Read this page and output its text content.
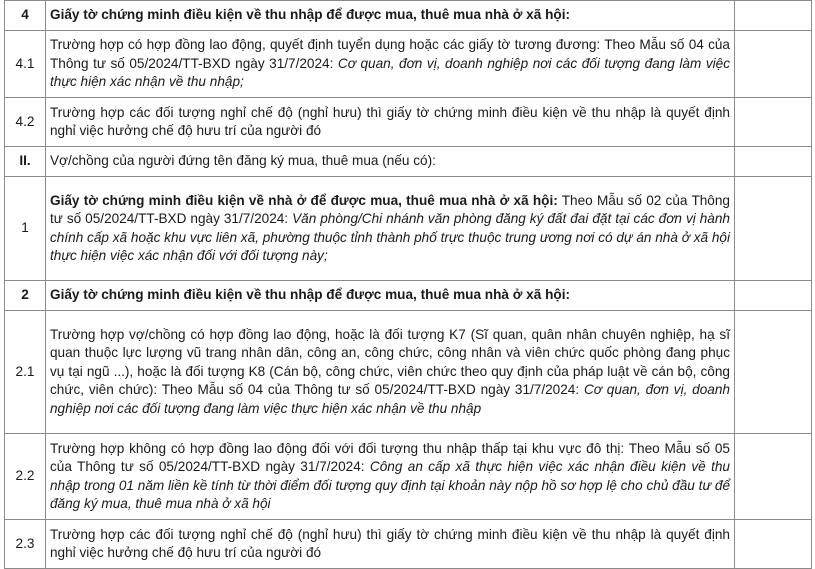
4	Giấy tờ chứng minh điều kiện về thu nhập để được mua, thuê mua nhà ở xã hội:	
4.1	Trường hợp có hợp đồng lao động, quyết định tuyển dụng hoặc các giấy tờ tương đương: Theo Mẫu số 04 của Thông tư số 05/2024/TT-BXD ngày 31/7/2024: Cơ quan, đơn vị, doanh nghiệp nơi các đối tượng đang làm việc thực hiện xác nhận về thu nhập;	
4.2	Trường hợp các đối tượng nghỉ chế độ (nghỉ hưu) thì giấy tờ chứng minh điều kiện về thu nhập là quyết định nghỉ việc hưởng chế độ hưu trí của người đó	
II.	Vợ/chồng của người đứng tên đăng ký mua, thuê mua (nếu có):	
1	Giấy tờ chứng minh điều kiện về nhà ở để được mua, thuê mua nhà ở xã hội: Theo Mẫu số 02 của Thông tư số 05/2024/TT-BXD ngày 31/7/2024: Văn phòng/Chi nhánh văn phòng đăng ký đất đai đặt tại các đơn vị hành chính cấp xã hoặc khu vực liên xã, phường thuộc tỉnh thành phố trực thuộc trung ương nơi có dự án nhà ở xã hội thực hiện việc xác nhận đối với đối tượng này;	
2	Giấy tờ chứng minh điều kiện về thu nhập để được mua, thuê mua nhà ở xã hội:	
2.1	Trường hợp vợ/chồng có hợp đồng lao động, hoặc là đối tượng K7 (Sĩ quan, quân nhân chuyên nghiệp, hạ sĩ quan thuộc lực lượng vũ trang nhân dân, công an, công chức, công nhân và viên chức quốc phòng đang phục vụ tại ngũ ...), hoặc là đối tượng K8 (Cán bộ, công chức, viên chức theo quy định của pháp luật về cán bộ, công chức, viên chức): Theo Mẫu số 04 của Thông tư số 05/2024/TT-BXD ngày 31/7/2024: Cơ quan, đơn vị, doanh nghiệp nơi các đối tượng đang làm việc thực hiện xác nhận về thu nhập	
2.2	Trường hợp không có hợp đồng lao động đối với đối tượng thu nhập thấp tại khu vực đô thị: Theo Mẫu số 05 của Thông tư số 05/2024/TT-BXD ngày 31/7/2024: Công an cấp xã thực hiện việc xác nhận điều kiện về thu nhập trong 01 năm liền kề tính từ thời điểm đối tượng quy định tại khoản này nộp hồ sơ hợp lệ cho chủ đầu tư để đăng ký mua, thuê mua nhà ở xã hội	
2.3	Trường hợp các đối tượng nghỉ chế độ (nghỉ hưu) thì giấy tờ chứng minh điều kiện về thu nhập là quyết định nghỉ việc hưởng chế độ hưu trí của người đó	
